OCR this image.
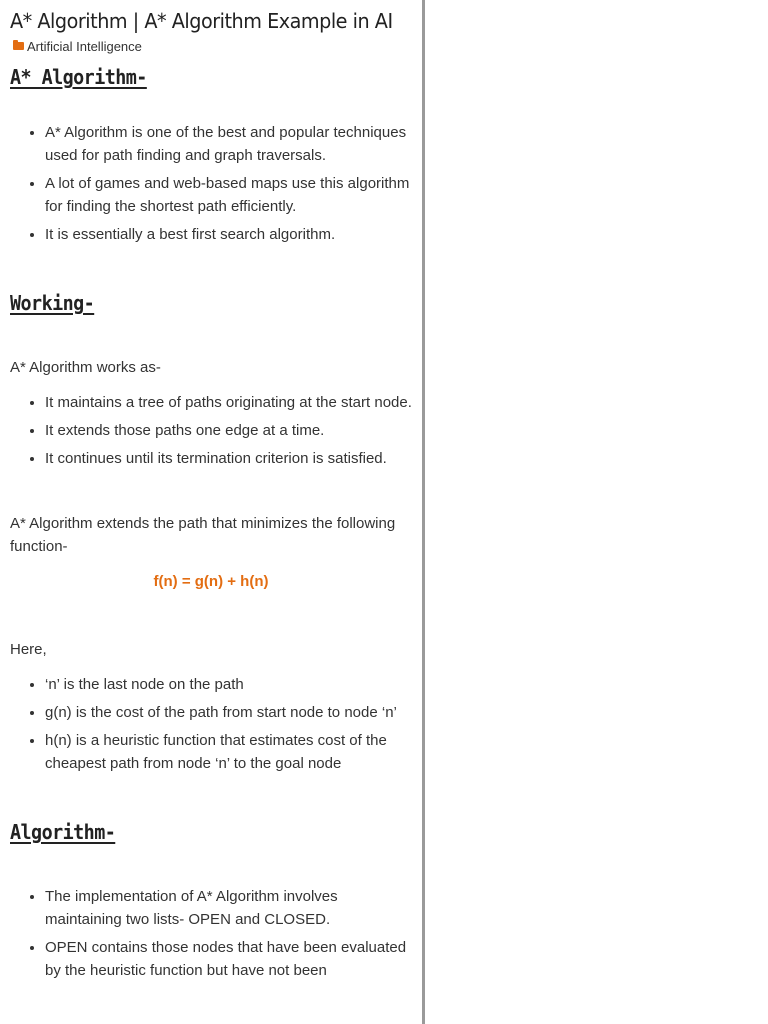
A* Algorithm | A* Algorithm Example in AI
Artificial Intelligence
A* Algorithm-
• A* Algorithm is one of the best and popular techniques used for path finding and graph traversals.
• A lot of games and web-based maps use this algorithm for finding the shortest path efficiently.
• It is essentially a best first search algorithm.
Working-

A* Algorithm works as-

• It maintains a tree of paths originating at the start node.
• It extends those paths one edge at a time.
• It continues until its termination criterion is satisfied.

A* Algorithm extends the path that minimizes the following function-

f(n) = g(n) + h(n)

Here,

• ‘n’ is the last node on the path
• g(n) is the cost of the path from start node to node ‘n’
• h(n) is a heuristic function that estimates cost of the cheapest path from node ‘n’ to the goal node
Algorithm-
• The implementation of A* Algorithm involves maintaining two lists- OPEN and CLOSED.
• OPEN contains those nodes that have been evaluated by the heuristic function but have not been
